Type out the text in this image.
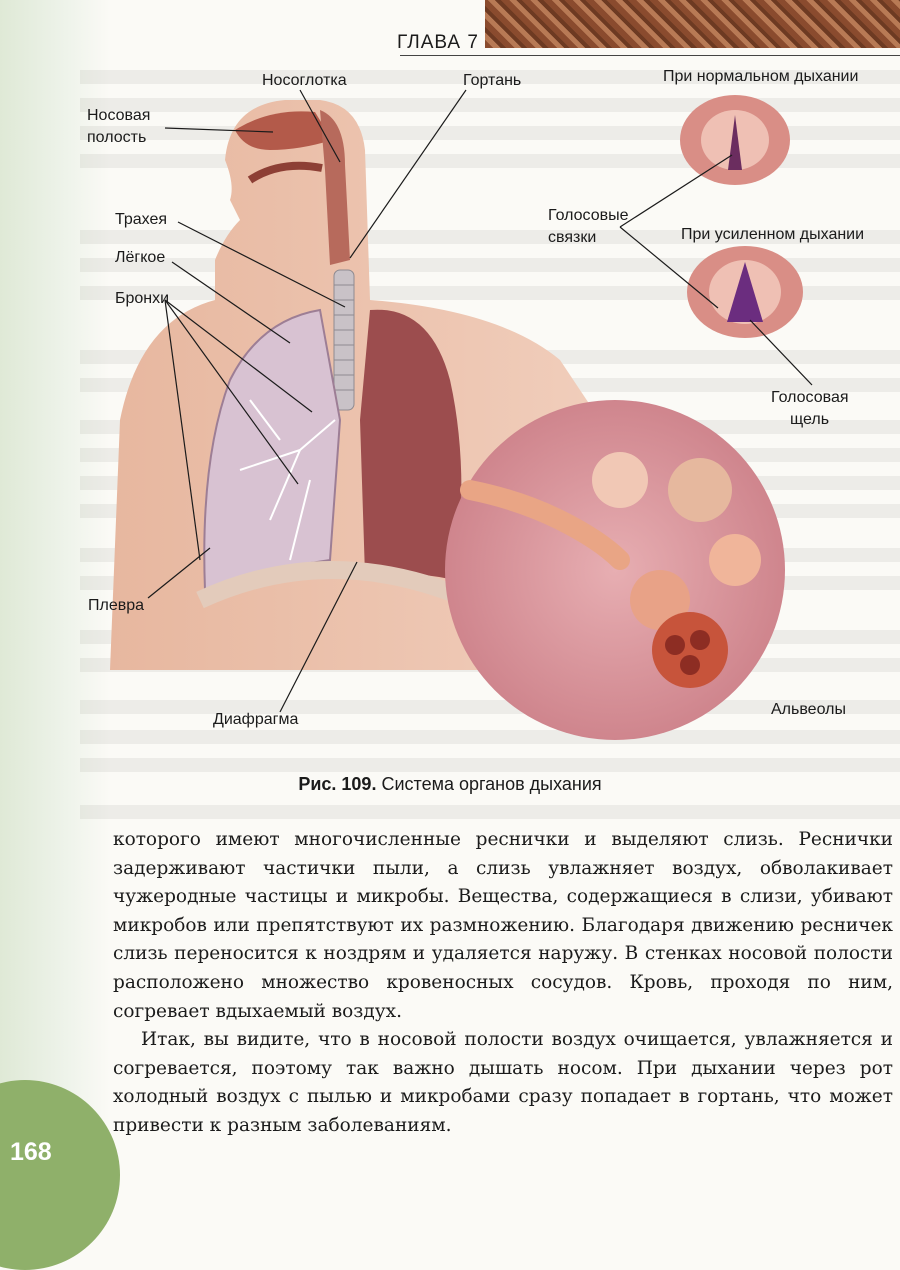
168
ГЛАВА 7
Носоглотка	Гортань
Носовая
полость
Трахея
Лёгкое
Бронхи
Плевра
Диафрагма
При нормальном дыхании
Голосовые
связки	При усиленном дыхании
Голосовая
щель
Альвеолы
Рис. 109. Система органов дыхания

которого имеют многочисленные реснички и выделяют слизь. Реснички задерживают частички пыли, а слизь увлажняет воздух, обволакивает чужеродные частицы и микробы. Вещества, содержащиеся в слизи, убивают микробов или препятствуют их размножению. Благодаря движению ресничек слизь переносится к ноздрям и удаляется наружу. В стенках носовой полости расположено множество кровеносных сосудов. Кровь, проходя по ним, согревает вдыхаемый воздух.

Итак, вы видите, что в носовой полости воздух очищается, увлажняется и согревается, поэтому так важно дышать носом. При дыхании через рот холодный воздух с пылью и микробами сразу попадает в гортань, что может привести к разным заболеваниям.
